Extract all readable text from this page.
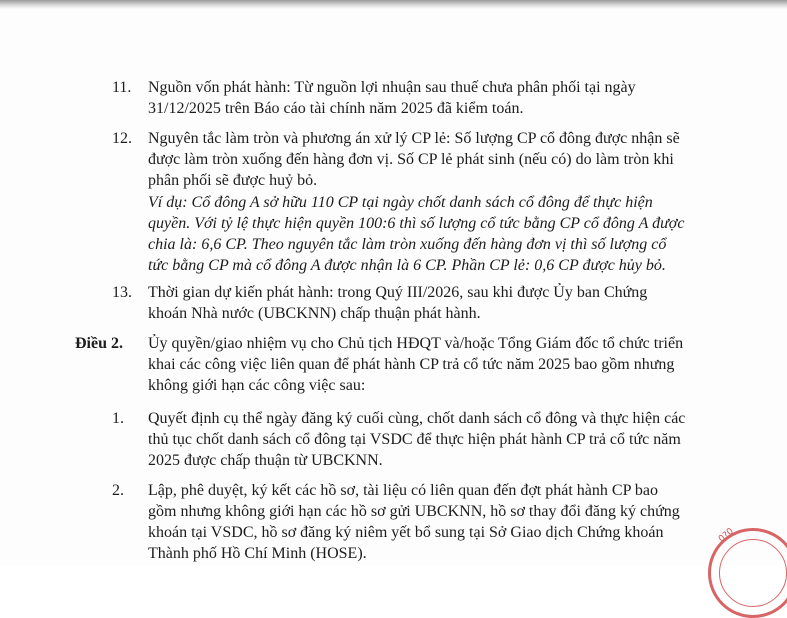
11. Nguồn vốn phát hành: Từ nguồn lợi nhuận sau thuế chưa phân phối tại ngày
31/12/2025 trên Báo cáo tài chính năm 2025 đã kiểm toán.
12. Nguyên tắc làm tròn và phương án xử lý CP lẻ: Số lượng CP cổ đông được nhận sẽ
được làm tròn xuống đến hàng đơn vị. Số CP lẻ phát sinh (nếu có) do làm tròn khi
phân phối sẽ được huỷ bỏ.
Ví dụ: Cổ đông A sở hữu 110 CP tại ngày chốt danh sách cổ đông để thực hiện
quyền. Với tỷ lệ thực hiện quyền 100:6 thì số lượng cổ tức bằng CP cổ đông A được
chia là: 6,6 CP. Theo nguyên tắc làm tròn xuống đến hàng đơn vị thì số lượng cổ
tức bằng CP mà cổ đông A được nhận là 6 CP. Phần CP lẻ: 0,6 CP được hủy bỏ.
13. Thời gian dự kiến phát hành: trong Quý III/2026, sau khi được Ủy ban Chứng
khoán Nhà nước (UBCKNN) chấp thuận phát hành.
Điều 2. Ủy quyền/giao nhiệm vụ cho Chủ tịch HĐQT và/hoặc Tổng Giám đốc tổ chức triển
khai các công việc liên quan để phát hành CP trả cổ tức năm 2025 bao gồm nhưng
không giới hạn các công việc sau:
1. Quyết định cụ thể ngày đăng ký cuối cùng, chốt danh sách cổ đông và thực hiện các
thủ tục chốt danh sách cổ đông tại VSDC để thực hiện phát hành CP trả cổ tức năm
2025 được chấp thuận từ UBCKNN.
2. Lập, phê duyệt, ký kết các hồ sơ, tài liệu có liên quan đến đợt phát hành CP bao
gồm nhưng không giới hạn các hồ sơ gửi UBCKNN, hồ sơ thay đổi đăng ký chứng
khoán tại VSDC, hồ sơ đăng ký niêm yết bổ sung tại Sở Giao dịch Chứng khoán
Thành phố Hồ Chí Minh (HOSE).
0?0
